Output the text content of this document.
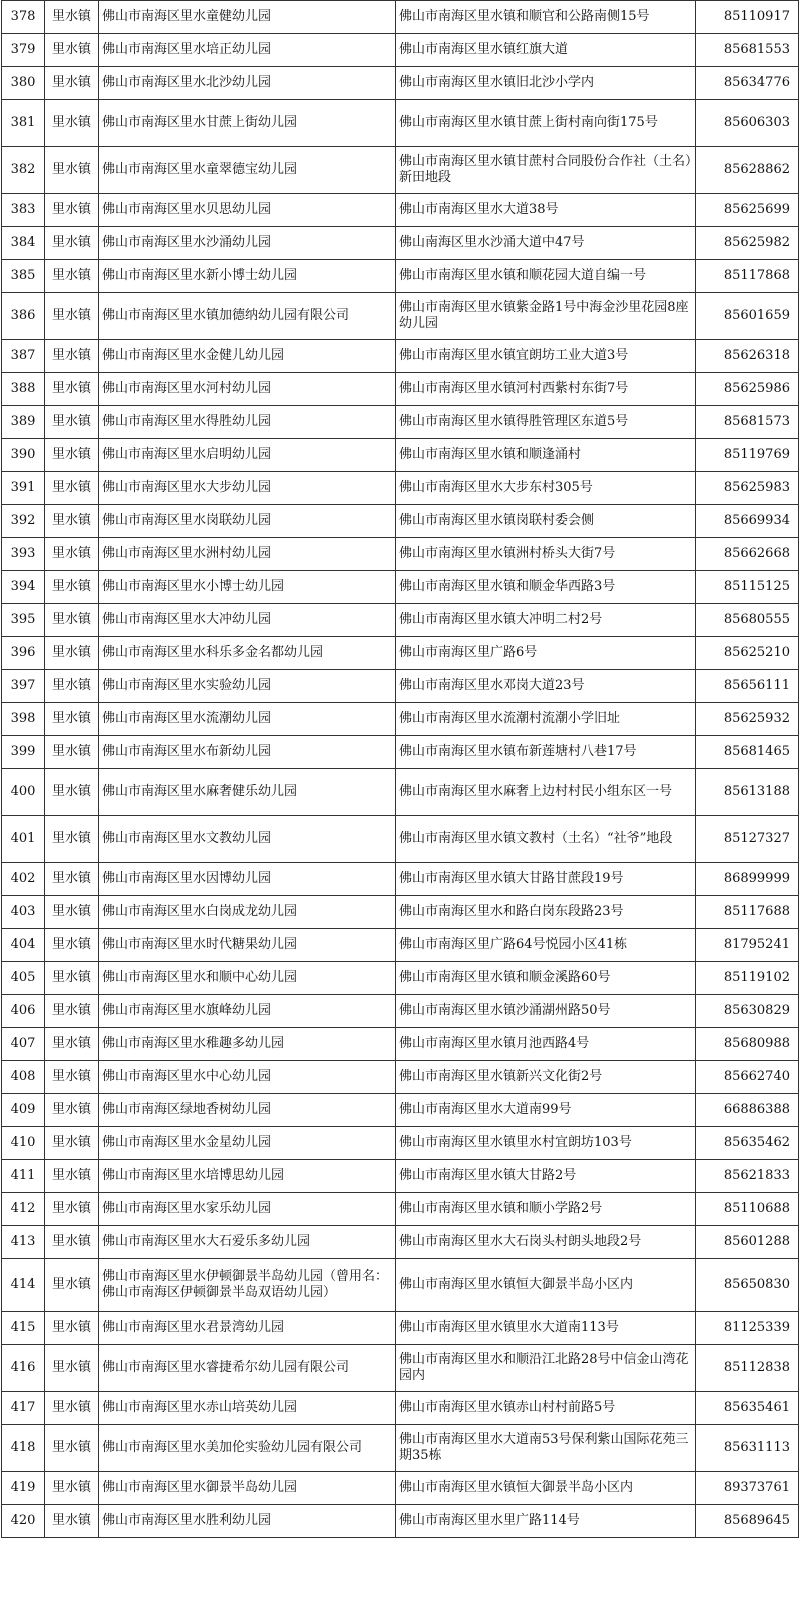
378	里水镇	佛山市南海区里水童健幼儿园	佛山市南海区里水镇和顺官和公路南侧15号	85110917
379	里水镇	佛山市南海区里水培正幼儿园	佛山市南海区里水镇红旗大道	85681553
380	里水镇	佛山市南海区里水北沙幼儿园	佛山市南海区里水镇旧北沙小学内	85634776
381	里水镇	佛山市南海区里水甘蔗上街幼儿园	佛山市南海区里水镇甘蔗上街村南向街175号	85606303
382	里水镇	佛山市南海区里水童翠德宝幼儿园	佛山市南海区里水镇甘蔗村合同股份合作社（土名）新田地段	85628862
383	里水镇	佛山市南海区里水贝思幼儿园	佛山市南海区里水大道38号	85625699
384	里水镇	佛山市南海区里水沙涌幼儿园	佛山南海区里水沙涌大道中47号	85625982
385	里水镇	佛山市南海区里水新小博士幼儿园	佛山市南海区里水镇和顺花园大道自编一号	85117868
386	里水镇	佛山市南海区里水镇加德纳幼儿园有限公司	佛山市南海区里水镇紫金路1号中海金沙里花园8座幼儿园	85601659
387	里水镇	佛山市南海区里水金健儿幼儿园	佛山市南海区里水镇宜朗坊工业大道3号	85626318
388	里水镇	佛山市南海区里水河村幼儿园	佛山市南海区里水镇河村西紫村东街7号	85625986
389	里水镇	佛山市南海区里水得胜幼儿园	佛山市南海区里水镇得胜管理区东道5号	85681573
390	里水镇	佛山市南海区里水启明幼儿园	佛山市南海区里水镇和顺逢涌村	85119769
391	里水镇	佛山市南海区里水大步幼儿园	佛山市南海区里水大步东村305号	85625983
392	里水镇	佛山市南海区里水岗联幼儿园	佛山市南海区里水镇岗联村委会侧	85669934
393	里水镇	佛山市南海区里水洲村幼儿园	佛山市南海区里水镇洲村桥头大街7号	85662668
394	里水镇	佛山市南海区里水小博士幼儿园	佛山市南海区里水镇和顺金华西路3号	85115125
395	里水镇	佛山市南海区里水大冲幼儿园	佛山市南海区里水镇大冲明二村2号	85680555
396	里水镇	佛山市南海区里水科乐多金名都幼儿园	佛山市南海区里广路6号	85625210
397	里水镇	佛山市南海区里水实验幼儿园	佛山市南海区里水邓岗大道23号	85656111
398	里水镇	佛山市南海区里水流潮幼儿园	佛山市南海区里水流潮村流潮小学旧址	85625932
399	里水镇	佛山市南海区里水布新幼儿园	佛山市南海区里水镇布新莲塘村八巷17号	85681465
400	里水镇	佛山市南海区里水麻奢健乐幼儿园	佛山市南海区里水麻奢上边村村民小组东区一号	85613188
401	里水镇	佛山市南海区里水文教幼儿园	佛山市南海区里水镇文教村（土名）“社爷”地段	85127327
402	里水镇	佛山市南海区里水因博幼儿园	佛山市南海区里水镇大甘路甘蔗段19号	86899999
403	里水镇	佛山市南海区里水白岗成龙幼儿园	佛山市南海区里水和路白岗东段路23号	85117688
404	里水镇	佛山市南海区里水时代糖果幼儿园	佛山市南海区里广路64号悦园小区41栋	81795241
405	里水镇	佛山市南海区里水和顺中心幼儿园	佛山市南海区里水镇和顺金溪路60号	85119102
406	里水镇	佛山市南海区里水旗峰幼儿园	佛山市南海区里水镇沙涌湖州路50号	85630829
407	里水镇	佛山市南海区里水稚趣多幼儿园	佛山市南海区里水镇月池西路4号	85680988
408	里水镇	佛山市南海区里水中心幼儿园	佛山市南海区里水镇新兴文化街2号	85662740
409	里水镇	佛山市南海区绿地香树幼儿园	佛山市南海区里水大道南99号	66886388
410	里水镇	佛山市南海区里水金星幼儿园	佛山市南海区里水镇里水村宜朗坊103号	85635462
411	里水镇	佛山市南海区里水培博思幼儿园	佛山市南海区里水镇大甘路2号	85621833
412	里水镇	佛山市南海区里水家乐幼儿园	佛山市南海区里水镇和顺小学路2号	85110688
413	里水镇	佛山市南海区里水大石爱乐多幼儿园	佛山市南海区里水大石岗头村朗头地段2号	85601288
414	里水镇	佛山市南海区里水伊顿御景半岛幼儿园（曾用名：佛山市南海区伊顿御景半岛双语幼儿园）	佛山市南海区里水镇恒大御景半岛小区内	85650830
415	里水镇	佛山市南海区里水君景湾幼儿园	佛山市南海区里水镇里水大道南113号	81125339
416	里水镇	佛山市南海区里水睿捷希尔幼儿园有限公司	佛山市南海区里水和顺沿江北路28号中信金山湾花园内	85112838
417	里水镇	佛山市南海区里水赤山培英幼儿园	佛山市南海区里水镇赤山村村前路5号	85635461
418	里水镇	佛山市南海区里水美加伦实验幼儿园有限公司	佛山市南海区里水大道南53号保利紫山国际花苑三期35栋	85631113
419	里水镇	佛山市南海区里水御景半岛幼儿园	佛山市南海区里水镇恒大御景半岛小区内	89373761
420	里水镇	佛山市南海区里水胜利幼儿园	佛山市南海区里水里广路114号	85689645
